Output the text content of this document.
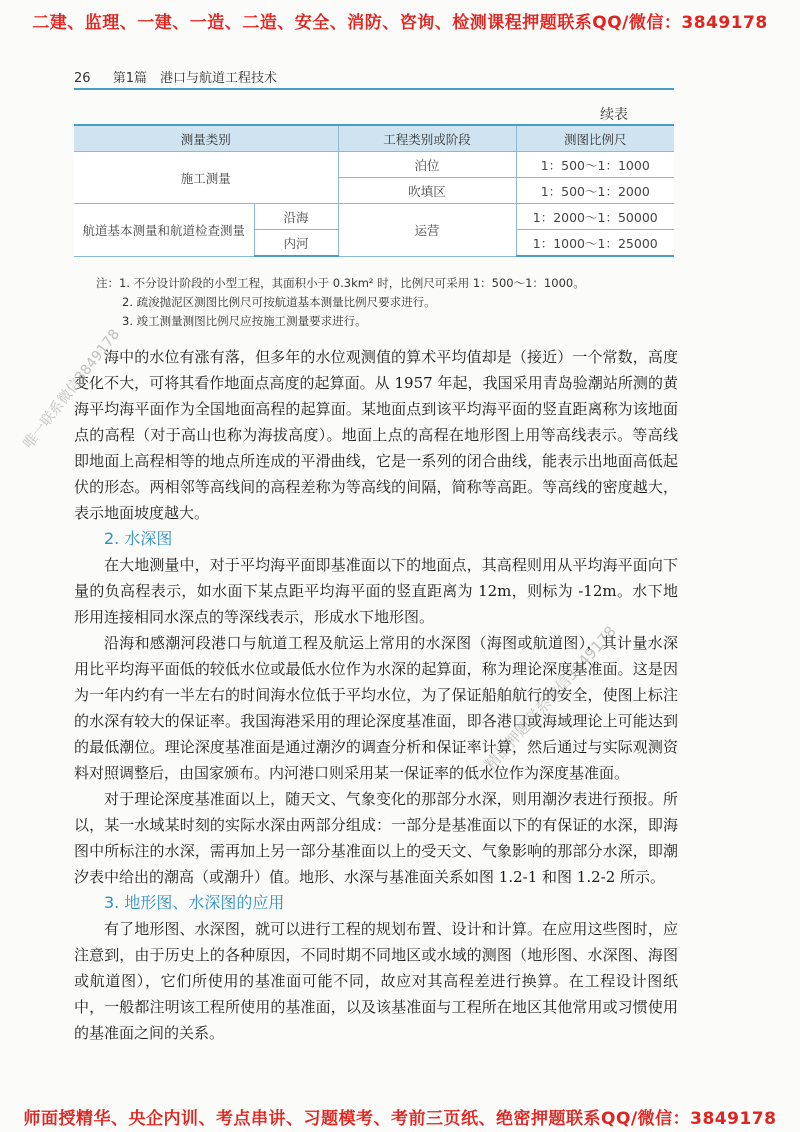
二建、监理、一建、一造、二造、安全、消防、咨询、检测课程押题联系QQ/微信：3849178
26 第1篇　港口与航道工程技术
续表
测量类别		工程类别或阶段	测图比例尺
施工测量		泊位	1：500～1：1000
		吹填区	1：500～1：2000
航道基本测量和航道检查测量	沿海	运营	1：2000～1：50000
	内河		1：1000～1：25000
注：1. 不分设计阶段的小型工程，其面积小于 0.3km² 时，比例尺可采用 1：500～1：1000。
2. 疏浚抛泥区测图比例尺可按航道基本测量比例尺要求进行。
3. 竣工测量测图比例尺应按施工测量要求进行。

海中的水位有涨有落，但多年的水位观测值的算术平均值却是（接近）一个常数，高度变化不大，可将其看作地面点高度的起算面。从 1957 年起，我国采用青岛验潮站所测的黄海平均海平面作为全国地面高程的起算面。某地面点到该平均海平面的竖直距离称为该地面点的高程（对于高山也称为海拔高度）。地面上点的高程在地形图上用等高线表示。等高线即地面上高程相等的地点所连成的平滑曲线，它是一系列的闭合曲线，能表示出地面高低起伏的形态。两相邻等高线间的高程差称为等高线的间隔，简称等高距。等高线的密度越大，表示地面坡度越大。

2. 水深图

在大地测量中，对于平均海平面即基准面以下的地面点，其高程则用从平均海平面向下量的负高程表示，如水面下某点距平均海平面的竖直距离为 12m，则标为 -12m。水下地形用连接相同水深点的等深线表示，形成水下地形图。

沿海和感潮河段港口与航道工程及航运上常用的水深图（海图或航道图），其计量水深用比平均海平面低的较低水位或最低水位作为水深的起算面，称为理论深度基准面。这是因为一年内约有一半左右的时间海水位低于平均水位，为了保证船舶航行的安全，使图上标注的水深有较大的保证率。我国海港采用的理论深度基准面，即各港口或海域理论上可能达到的最低潮位。理论深度基准面是通过潮汐的调查分析和保证率计算，然后通过与实际观测资料对照调整后，由国家颁布。内河港口则采用某一保证率的低水位作为深度基准面。

对于理论深度基准面以上，随天文、气象变化的那部分水深，则用潮汐表进行预报。所以，某一水域某时刻的实际水深由两部分组成：一部分是基准面以下的有保证的水深，即海图中所标注的水深，需再加上另一部分基准面以上的受天文、气象影响的那部分水深，即潮汐表中给出的潮高（或潮升）值。地形、水深与基准面关系如图 1.2-1 和图 1.2-2 所示。

3. 地形图、水深图的应用

有了地形图、水深图，就可以进行工程的规划布置、设计和计算。在应用这些图时，应注意到，由于历史上的各种原因，不同时期不同地区或水域的测图（地形图、水深图、海图或航道图），它们所使用的基准面可能不同，故应对其高程差进行换算。在工程设计图纸中，一般都注明该工程所使用的基准面，以及该基准面与工程所在地区其他常用或习惯使用的基准面之间的关系。

唯一联系微信3849178
精品押题联系微信3849178
师面授精华、央企内训、考点串讲、习题模考、考前三页纸、绝密押题联系QQ/微信：3849178
